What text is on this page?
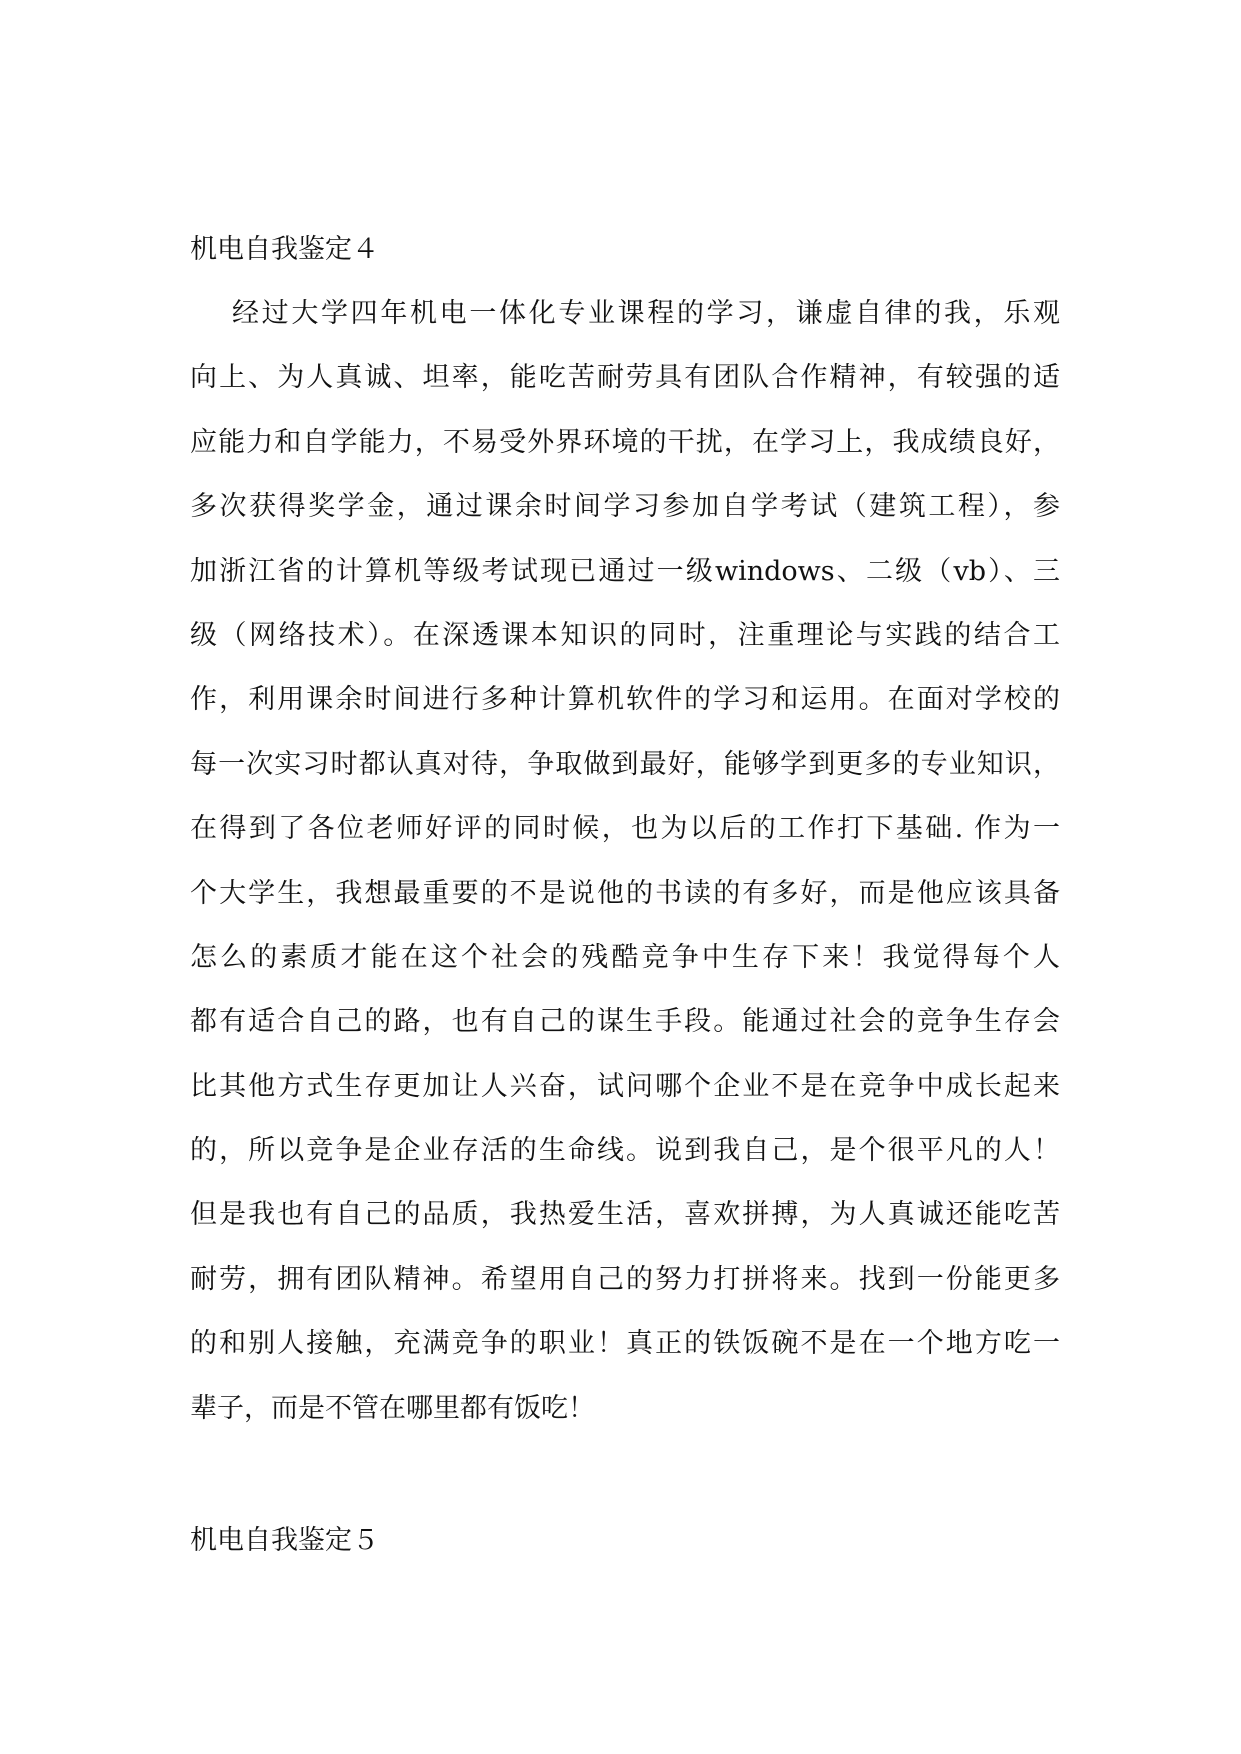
机电自我鉴定４
经过大学四年机电一体化专业课程的学习，谦虚自律的我，乐观
向上、为人真诚、坦率，能吃苦耐劳具有团队合作精神，有较强的适
应能力和自学能力，不易受外界环境的干扰，在学习上，我成绩良好，
多次获得奖学金，通过课余时间学习参加自学考试（建筑工程），参
加浙江省的计算机等级考试现已通过一级windows、二级（vb）、三
级（网络技术）。在深透课本知识的同时，注重理论与实践的结合工
作，利用课余时间进行多种计算机软件的学习和运用。在面对学校的
每一次实习时都认真对待，争取做到最好，能够学到更多的专业知识，
在得到了各位老师好评的同时候，也为以后的工作打下基础. 作为一
个大学生，我想最重要的不是说他的书读的有多好，而是他应该具备
怎么的素质才能在这个社会的残酷竞争中生存下来！我觉得每个人
都有适合自己的路，也有自己的谋生手段。能通过社会的竞争生存会
比其他方式生存更加让人兴奋，试问哪个企业不是在竞争中成长起来
的，所以竞争是企业存活的生命线。说到我自己，是个很平凡的人！
但是我也有自己的品质，我热爱生活，喜欢拼搏，为人真诚还能吃苦
耐劳，拥有团队精神。希望用自己的努力打拼将来。找到一份能更多
的和别人接触，充满竞争的职业！真正的铁饭碗不是在一个地方吃一
辈子，而是不管在哪里都有饭吃！
机电自我鉴定５
